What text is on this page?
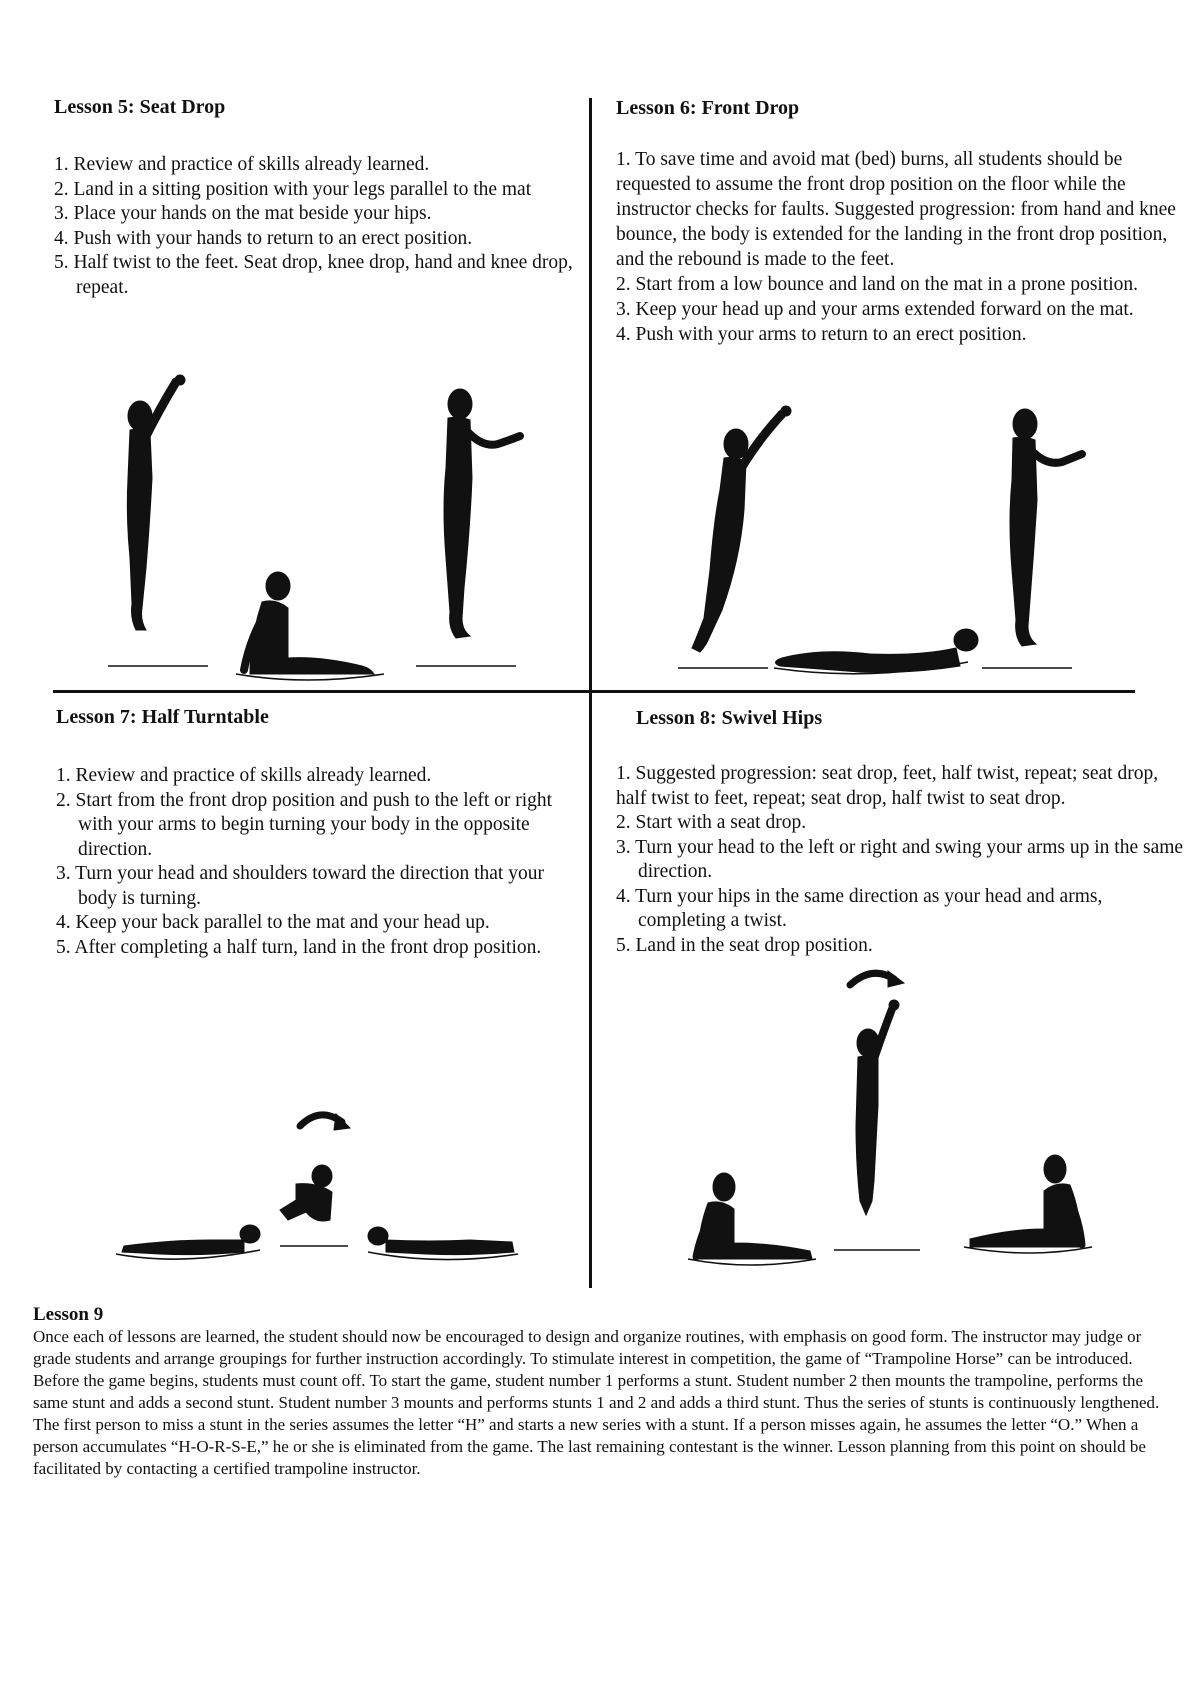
Lesson 5: Seat Drop
1. Review and practice of skills already learned.
2. Land in a sitting position with your legs parallel to the mat
3. Place your hands on the mat beside your hips.
4. Push with your hands to return to an erect position.
5. Half twist to the feet. Seat drop, knee drop, hand and knee drop, repeat.
Lesson 6: Front Drop
1. To save time and avoid mat (bed) burns, all students should be requested to assume the front drop position on the floor while the instructor checks for faults. Suggested progression: from hand and knee bounce, the body is extended for the landing in the front drop position, and the rebound is made to the feet.
2. Start from a low bounce and land on the mat in a prone position.
3. Keep your head up and your arms extended forward on the mat.
4. Push with your arms to return to an erect position.
Lesson 7: Half Turntable
1. Review and practice of skills already learned.
2. Start from the front drop position and push to the left or right with your arms to begin turning your body in the opposite direction.
3. Turn your head and shoulders toward the direction that your body is turning.
4. Keep your back parallel to the mat and your head up.
5. After completing a half turn, land in the front drop position.
Lesson 8: Swivel Hips
1. Suggested progression: seat drop, feet, half twist, repeat; seat drop, half twist to feet, repeat; seat drop, half twist to seat drop.
2. Start with a seat drop.
3. Turn your head to the left or right and swing your arms up in the same direction.
4. Turn your hips in the same direction as your head and arms, completing a twist.
5. Land in the seat drop position.
Lesson 9

Once each of lessons are learned, the student should now be encouraged to design and organize routines, with emphasis on good form. The instructor may judge or grade students and arrange groupings for further instruction accordingly. To stimulate interest in competition, the game of “Trampoline Horse” can be introduced. Before the game begins, students must count off. To start the game, student number 1 performs a stunt. Student number 2 then mounts the trampoline, performs the same stunt and adds a second stunt. Student number 3 mounts and performs stunts 1 and 2 and adds a third stunt. Thus the series of stunts is continuously lengthened. The first person to miss a stunt in the series assumes the letter “H” and starts a new series with a stunt. If a person misses again, he assumes the letter “O.” When a person accumulates “H-O-R-S-E,” he or she is eliminated from the game. The last remaining contestant is the winner. Lesson planning from this point on should be facilitated by contacting a certified trampoline instructor.
